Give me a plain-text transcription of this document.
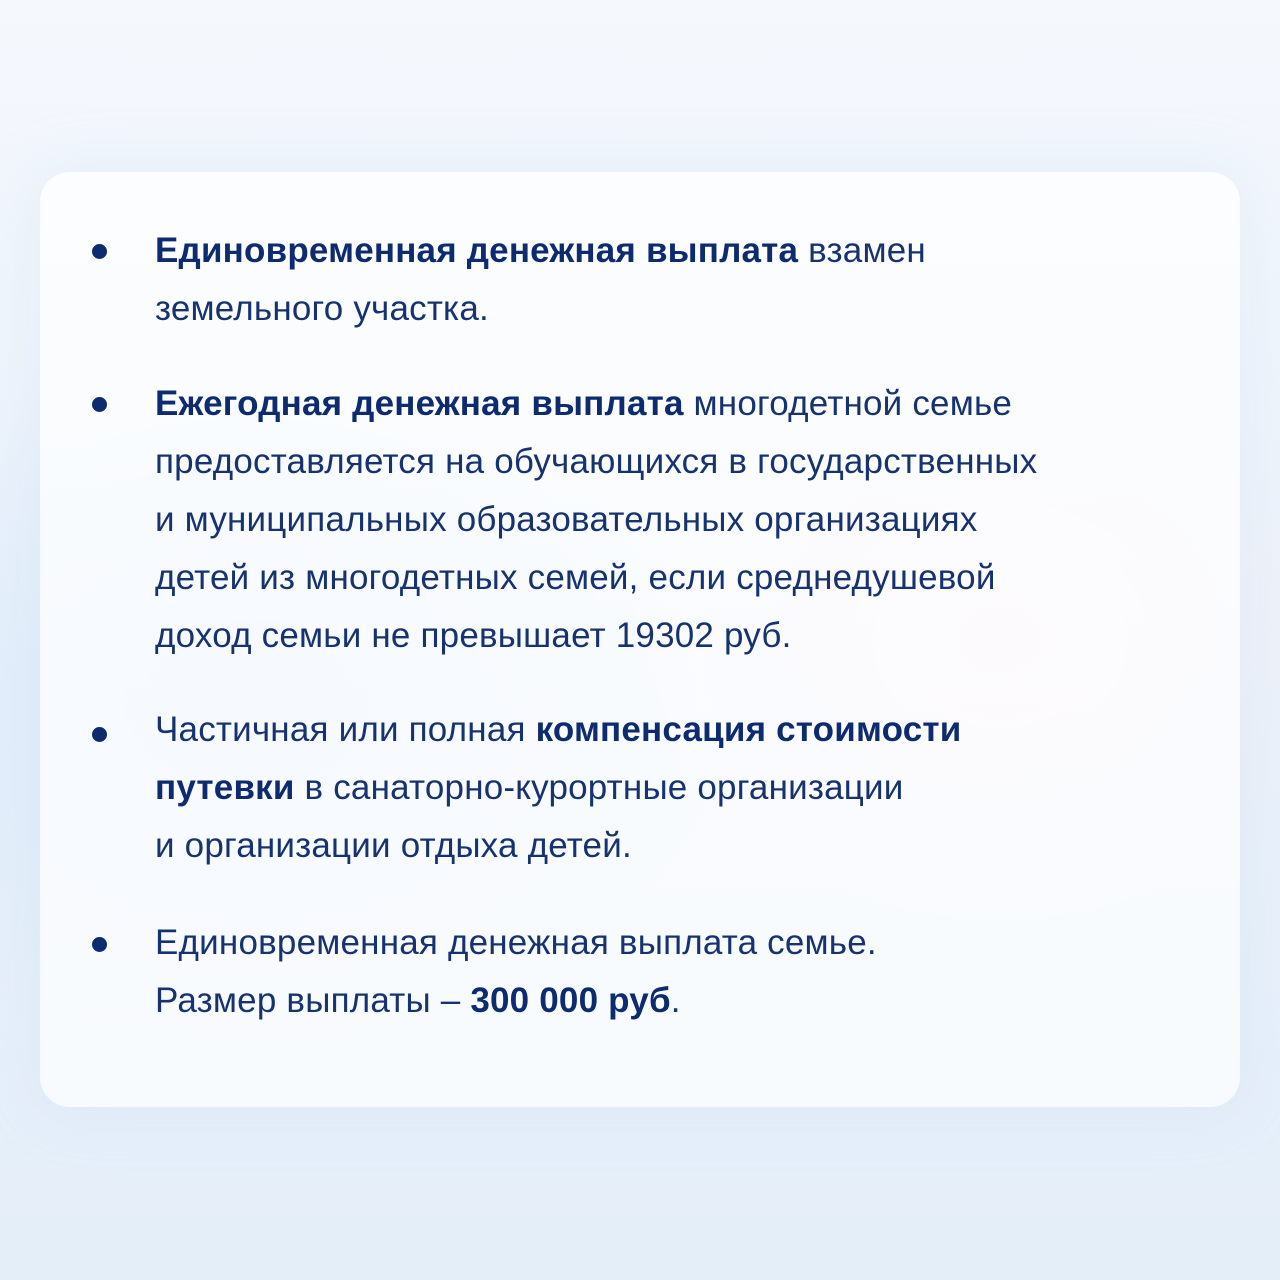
Единовременная денежная выплата взамен
земельного участка.
Ежегодная денежная выплата многодетной семье
предоставляется на обучающихся в государственных
и муниципальных образовательных организациях
детей из многодетных семей, если среднедушевой
доход семьи не превышает 19302 руб.
Частичная или полная компенсация стоимости
путевки в санаторно-курортные организации
и организации отдыха детей.
Единовременная денежная выплата семье.
Размер выплаты – 300 000 руб.
